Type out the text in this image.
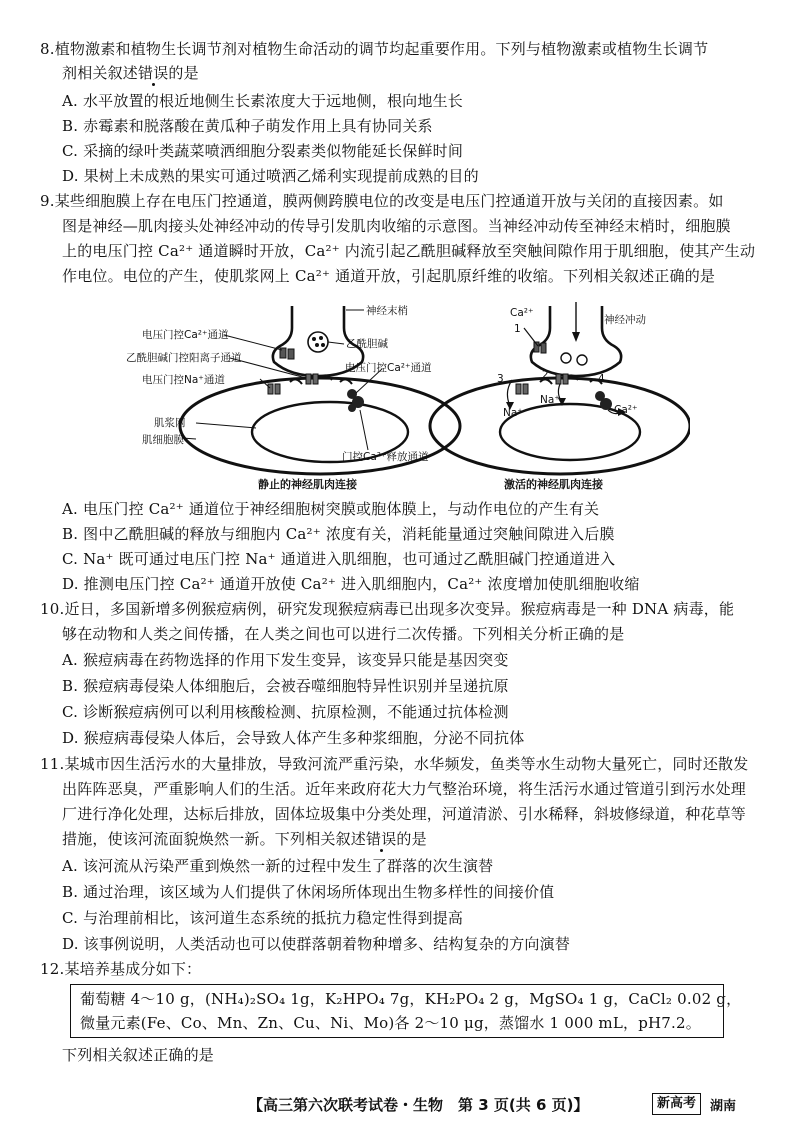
8.植物激素和植物生长调节剂对植物生命活动的调节均起重要作用。下列与植物激素或植物生长调节
剂相关叙述错误的是
A. 水平放置的根近地侧生长素浓度大于远地侧，根向地生长
B. 赤霉素和脱落酸在黄瓜种子萌发作用上具有协同关系
C. 采摘的绿叶类蔬菜喷洒细胞分裂素类似物能延长保鲜时间
D. 果树上未成熟的果实可通过喷洒乙烯利实现提前成熟的目的
9.某些细胞膜上存在电压门控通道，膜两侧跨膜电位的改变是电压门控通道开放与关闭的直接因素。如
图是神经—肌肉接头处神经冲动的传导引发肌肉收缩的示意图。当神经冲动传至神经末梢时，细胞膜
上的电压门控 Ca²⁺ 通道瞬时开放，Ca²⁺ 内流引起乙酰胆碱释放至突触间隙作用于肌细胞，使其产生动
作电位。电位的产生，使肌浆网上 Ca²⁺ 通道开放，引起肌原纤维的收缩。下列相关叙述正确的是
神经末梢
电压门控Ca²⁺通道
乙酰胆碱
乙酰胆碱门控阳离子通道
电压门控Na⁺通道
电压门控Ca²⁺通道
肌浆网
肌细胞膜
门控Ca²⁺释放通道
静止的神经肌肉连接
Ca²⁺
神经冲动
1
2
3	4
Na⁺
Na⁺	Ca²⁺
激活的神经肌肉连接
A. 电压门控 Ca²⁺ 通道位于神经细胞树突膜或胞体膜上，与动作电位的产生有关
B. 图中乙酰胆碱的释放与细胞内 Ca²⁺ 浓度有关，消耗能量通过突触间隙进入后膜
C. Na⁺ 既可通过电压门控 Na⁺ 通道进入肌细胞，也可通过乙酰胆碱门控通道进入
D. 推测电压门控 Ca²⁺ 通道开放使 Ca²⁺ 进入肌细胞内，Ca²⁺ 浓度增加使肌细胞收缩
10.近日，多国新增多例猴痘病例，研究发现猴痘病毒已出现多次变异。猴痘病毒是一种 DNA 病毒，能
够在动物和人类之间传播，在人类之间也可以进行二次传播。下列相关分析正确的是
A. 猴痘病毒在药物选择的作用下发生变异，该变异只能是基因突变
B. 猴痘病毒侵染人体细胞后，会被吞噬细胞特异性识别并呈递抗原
C. 诊断猴痘病例可以利用核酸检测、抗原检测，不能通过抗体检测
D. 猴痘病毒侵染人体后，会导致人体产生多种浆细胞，分泌不同抗体
11.某城市因生活污水的大量排放，导致河流严重污染，水华频发，鱼类等水生动物大量死亡，同时还散发
出阵阵恶臭，严重影响人们的生活。近年来政府花大力气整治环境，将生活污水通过管道引到污水处理
厂进行净化处理，达标后排放，固体垃圾集中分类处理，河道清淤、引水稀释，斜坡修绿道，种花草等
措施，使该河流面貌焕然一新。下列相关叙述错误的是
A. 该河流从污染严重到焕然一新的过程中发生了群落的次生演替
B. 通过治理，该区域为人们提供了休闲场所体现出生物多样性的间接价值
C. 与治理前相比，该河道生态系统的抵抗力稳定性得到提高
D. 该事例说明，人类活动也可以使群落朝着物种增多、结构复杂的方向演替
12.某培养基成分如下：
葡萄糖 4～10 g，(NH₄)₂SO₄ 1g，K₂HPO₄ 7g，KH₂PO₄ 2 g，MgSO₄ 1 g，CaCl₂ 0.02 g，
微量元素(Fe、Co、Mn、Zn、Cu、Ni、Mo)各 2～10 μg，蒸馏水 1 000 mL，pH7.2。
下列相关叙述正确的是
【高三第六次联考试卷・生物　第 3 页(共 6 页)】	新高考	湖南
